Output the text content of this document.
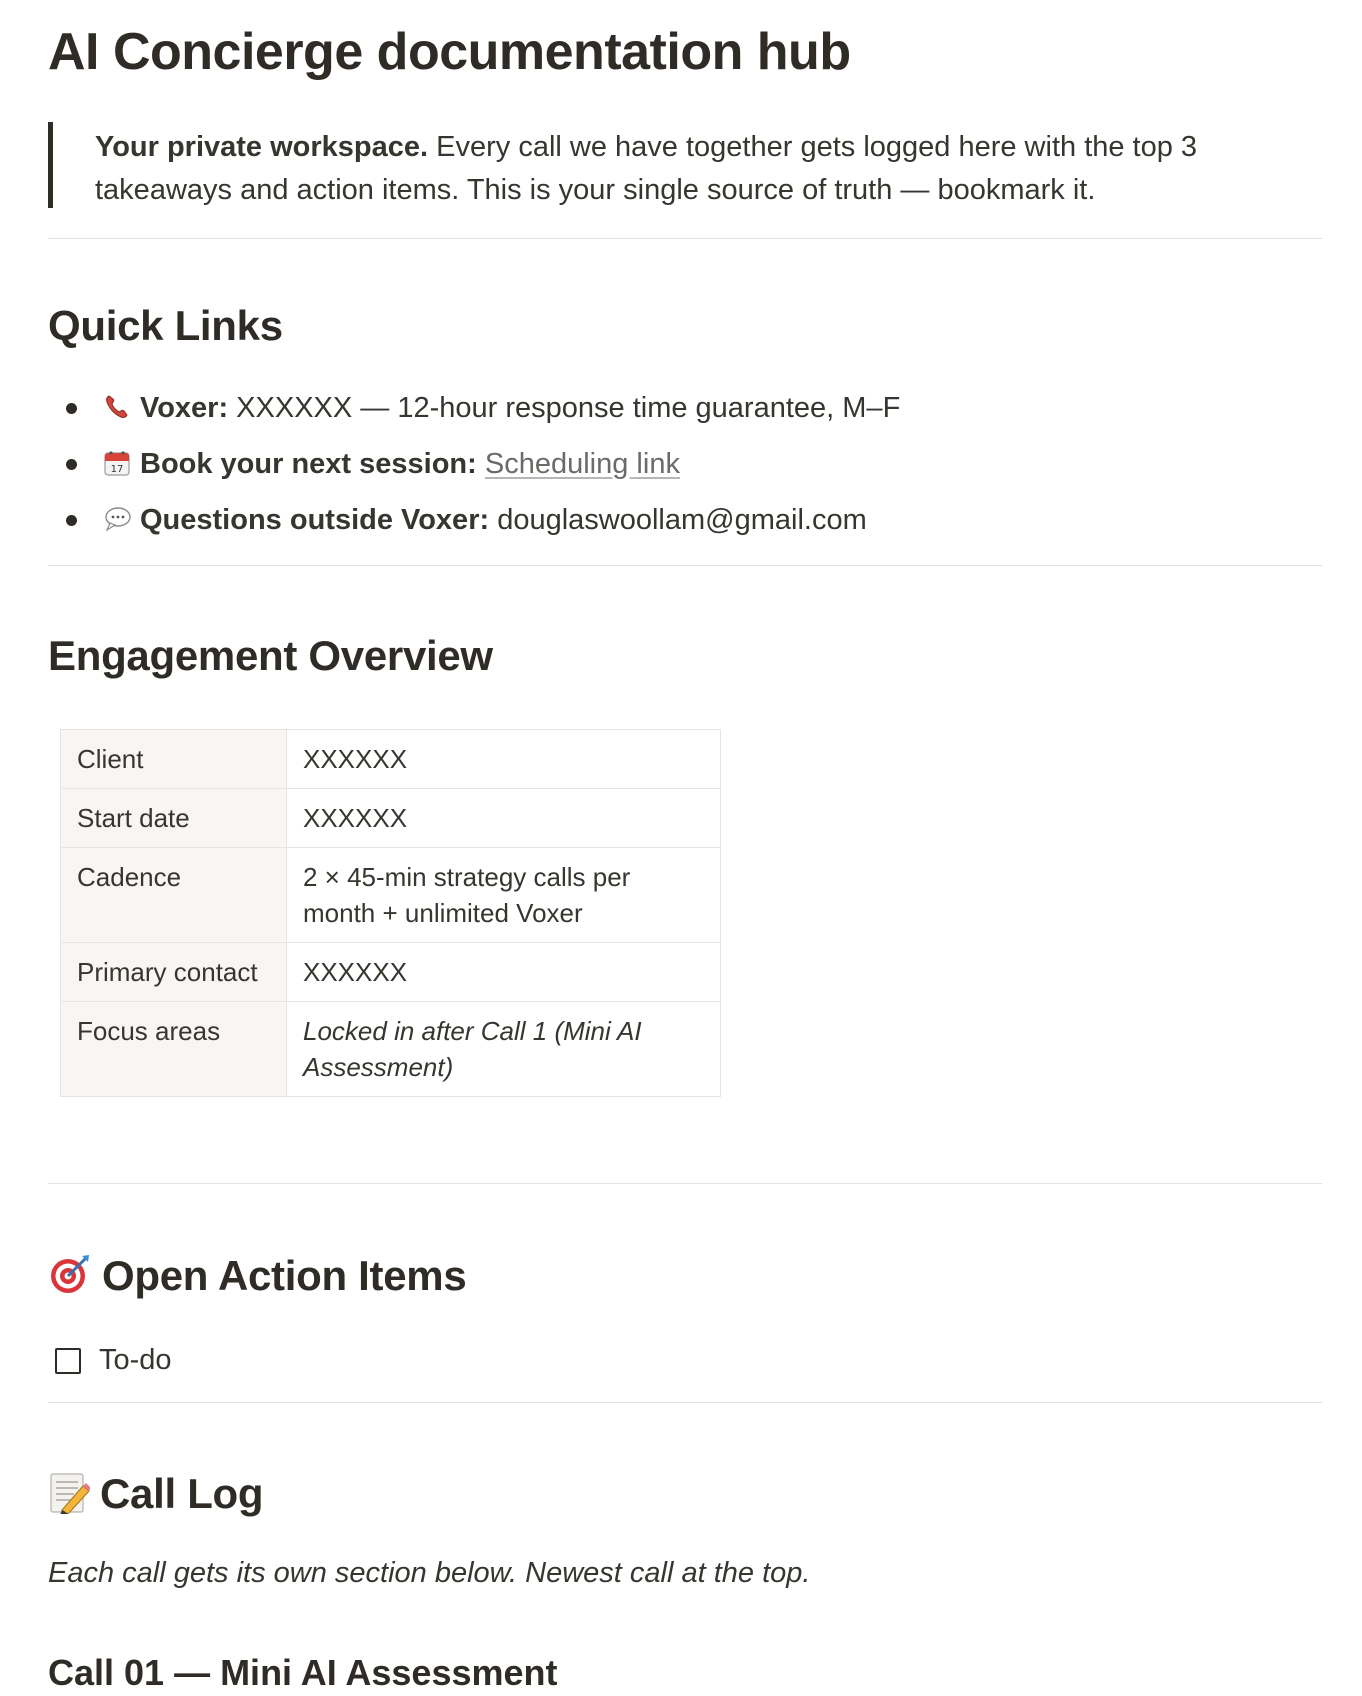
AI Concierge documentation hub
Your private workspace. Every call we have together gets logged here with the top 3 takeaways and action items. This is your single source of truth — bookmark it.
Quick Links
Voxer: XXXXXX — 12-hour response time guarantee, M–F
17 Book your next session: Scheduling link
Questions outside Voxer: douglaswoollam@gmail.com
Engagement Overview
Client	XXXXXX
Start date	XXXXXX
Cadence	2 × 45-min strategy calls per month + unlimited Voxer
Primary contact	XXXXXX
Focus areas	Locked in after Call 1 (Mini AI Assessment)
Open Action Items
To-do
Call Log

Each call gets its own section below. Newest call at the top.

Call 01 — Mini AI Assessment
